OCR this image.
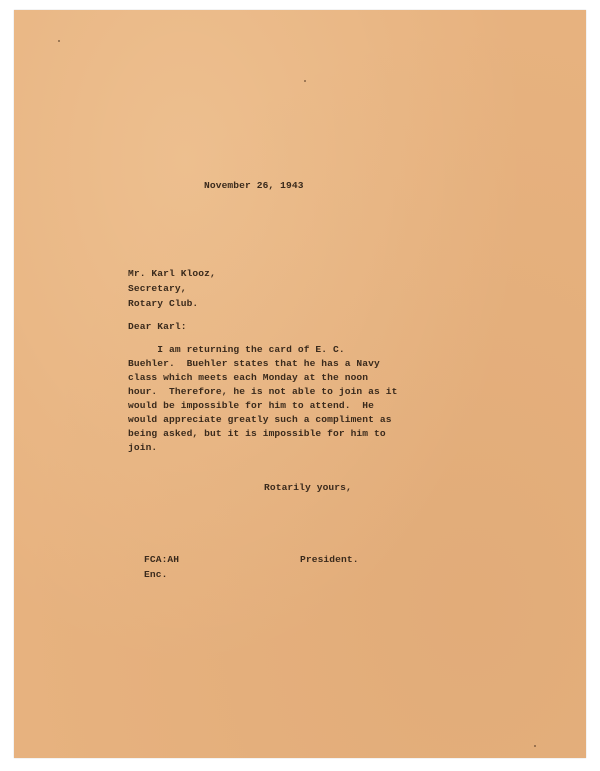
November 26, 1943
Mr. Karl Klooz,
Secretary,
Rotary Club.
Dear Karl:
I am returning the card of E. C.
Buehler.  Buehler states that he has a Navy
class which meets each Monday at the noon
hour.  Therefore, he is not able to join as it
would be impossible for him to attend.  He
would appreciate greatly such a compliment as
being asked, but it is impossible for him to
join.
Rotarily yours,
President.
FCA:AH
Enc.
